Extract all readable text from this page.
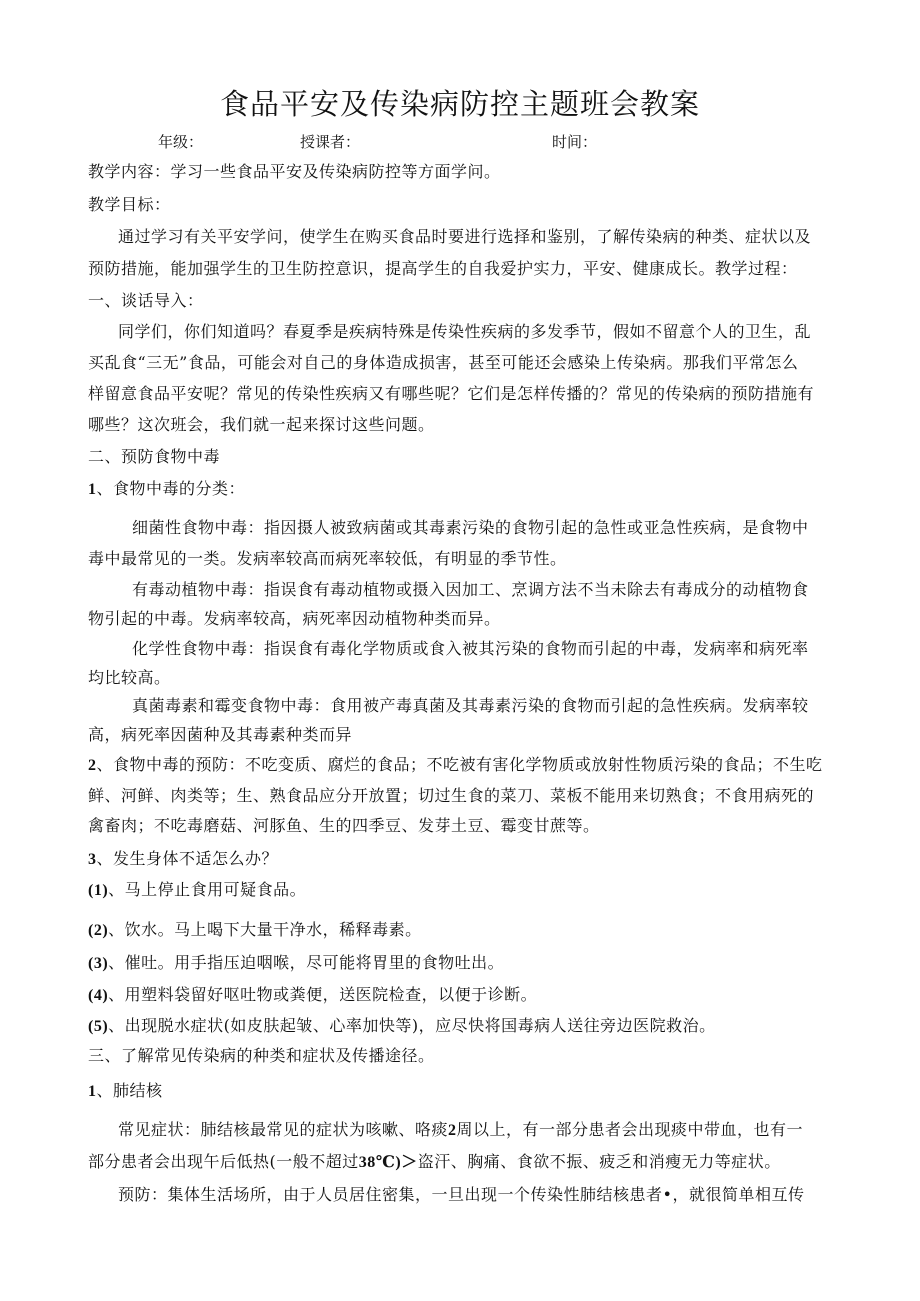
食品平安及传染病防控主题班会教案
年级：	授课者：	时间：
教学内容：学习一些食品平安及传染病防控等方面学问。
教学目标：
通过学习有关平安学问，使学生在购买食品时要进行选择和鉴别，了解传染病的种类、症状以及
预防措施，能加强学生的卫生防控意识，提高学生的自我爱护实力，平安、健康成长。教学过程：
一、谈话导入：
同学们，你们知道吗？春夏季是疾病特殊是传染性疾病的多发季节，假如不留意个人的卫生，乱
买乱食“三无”食品，可能会对自己的身体造成损害，甚至可能还会感染上传染病。那我们平常怎么
样留意食品平安呢？常见的传染性疾病又有哪些呢？它们是怎样传播的？常见的传染病的预防措施有
哪些？这次班会，我们就一起来探讨这些问题。
二、预防食物中毒
1、食物中毒的分类：
细菌性食物中毒：指因摄人被致病菌或其毒素污染的食物引起的急性或亚急性疾病，是食物中
毒中最常见的一类。发病率较高而病死率较低，有明显的季节性。
有毒动植物中毒：指误食有毒动植物或摄入因加工、烹调方法不当未除去有毒成分的动植物食
物引起的中毒。发病率较高，病死率因动植物种类而异。
化学性食物中毒：指误食有毒化学物质或食入被其污染的食物而引起的中毒，发病率和病死率
均比较高。
真菌毒素和霉变食物中毒：食用被产毒真菌及其毒素污染的食物而引起的急性疾病。发病率较
高，病死率因菌种及其毒素种类而异
2、食物中毒的预防：不吃变质、腐烂的食品；不吃被有害化学物质或放射性物质污染的食品；不生吃
鲜、河鲜、肉类等；生、熟食品应分开放置；切过生食的菜刀、菜板不能用来切熟食；不食用病死的
禽畜肉；不吃毒磨菇、河豚鱼、生的四季豆、发芽土豆、霉变甘蔗等。
3、发生身体不适怎么办？
(1)、马上停止食用可疑食品。
(2)、饮水。马上喝下大量干净水，稀释毒素。
(3)、催吐。用手指压迫咽喉，尽可能将胃里的食物吐出。
(4)、用塑料袋留好呕吐物或粪便，送医院检查，以便于诊断。
(5)、出现脱水症状(如皮肤起皱、心率加快等)，应尽快将国毒病人送往旁边医院救治。
三、了解常见传染病的种类和症状及传播途径。
1、肺结核
常见症状：肺结核最常见的症状为咳嗽、咯痰2周以上，有一部分患者会出现痰中带血，也有一
部分患者会出现午后低热(一般不超过38℃)＞盗汗、胸痛、食欲不振、疲乏和消瘦无力等症状。
预防：集体生活场所，由于人员居住密集，一旦出现一个传染性肺结核患者•，就很简单相互传
